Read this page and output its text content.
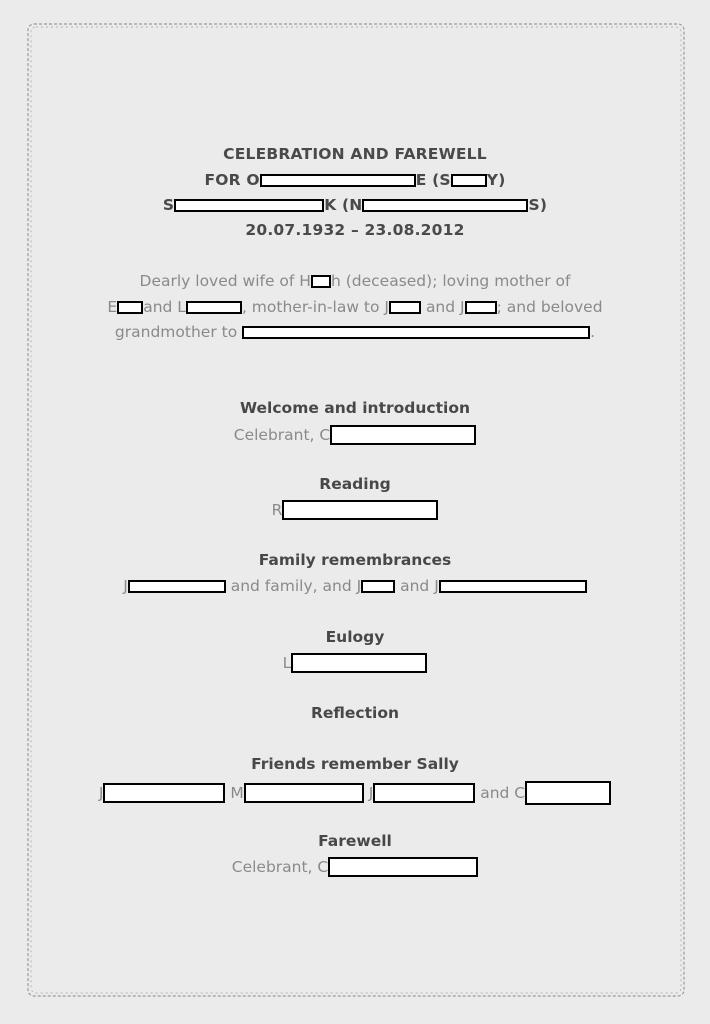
CELEBRATION AND FAREWELL
FOR O	E (S Y)
S	K (N	S)
20.07.1932 – 23.08.2012
Dearly loved wife of H h (deceased); loving mother of
E and L	, mother-in-law to J and J ; and beloved
grandmother to	.
Welcome and introduction
Celebrant, C
Reading
R
Family remembrances
J	and family, and J	and J
Eulogy
L
Reflection
Friends remember Sally
J	M	J	and C
Farewell
Celebrant, C
